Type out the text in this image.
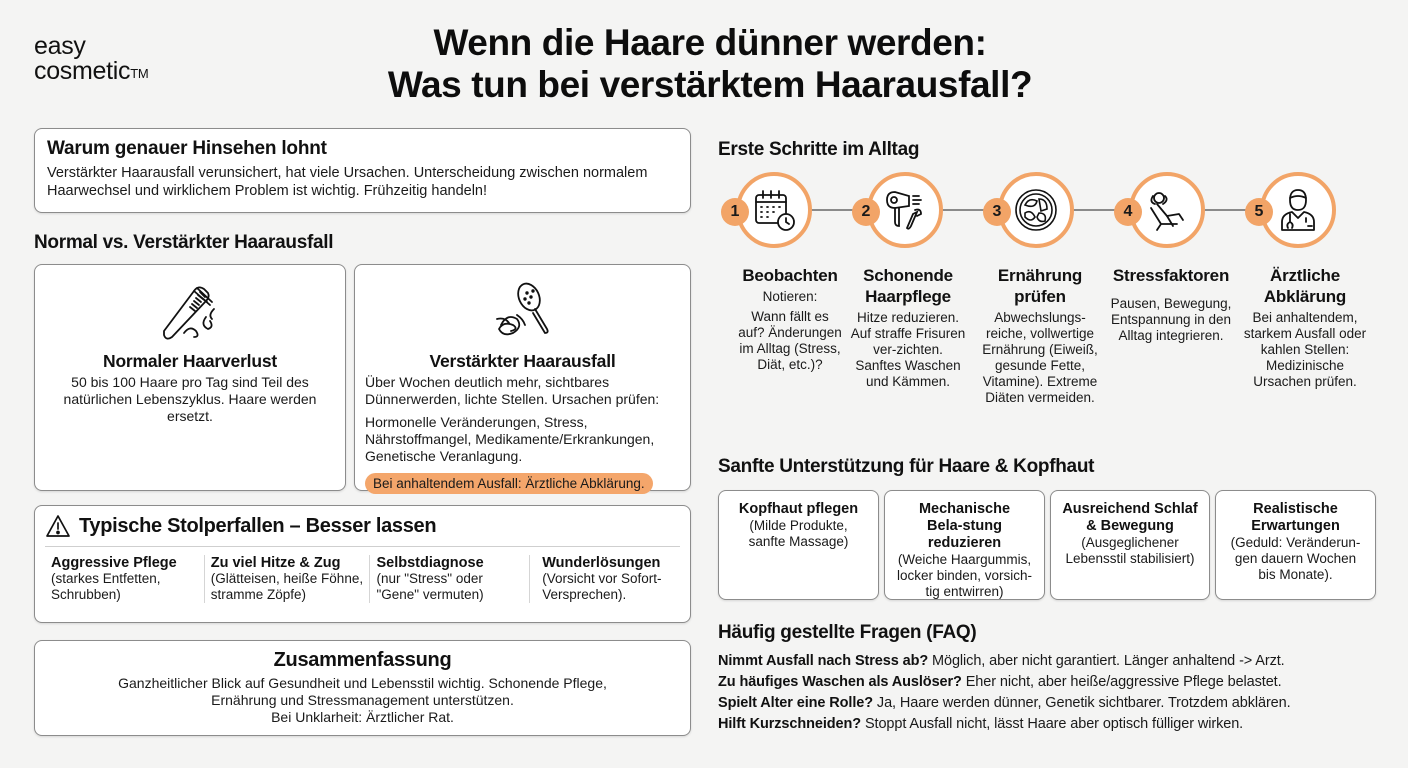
easy
cosmetic™
Wenn die Haare dünner werden:
Was tun bei verstärktem Haarausfall?
Warum genauer Hinsehen lohnt

Verstärkter Haarausfall verunsichert, hat viele Ursachen. Unterscheidung zwischen normalem Haarwechsel und wirklichem Problem ist wichtig. Frühzeitig handeln!

Normal vs. Verstärkter Haarausfall
Normaler Haarverlust

50 bis 100 Haare pro Tag sind Teil des natürlichen Lebenszyklus. Haare werden ersetzt.

Verstärkter Haarausfall

Über Wochen deutlich mehr, sichtbares Dünnerwerden, lichte Stellen. Ursachen prüfen:

Hormonelle Veränderungen, Stress, Nährstoffmangel, Medikamente/Erkrankungen, Genetische Veranlagung.

Bei anhaltendem Ausfall: Ärztliche Abklärung.
Typische Stolperfallen – Besser lassen
Aggressive Pflege
(starkes Entfetten, Schrubben)
Zu viel Hitze & Zug
(Glätteisen, heiße Föhne, stramme Zöpfe)
Selbstdiagnose
(nur "Stress" oder "Gene" vermuten)
Wunderlösungen
(Vorsicht vor Sofort-Versprechen).
Zusammenfassung

Ganzheitlicher Blick auf Gesundheit und Lebensstil wichtig. Schonende Pflege,

Ernährung und Stressmanagement unterstützen.

Bei Unklarheit: Ärztlicher Rat.

Erste Schritte im Alltag
1	2	3	4	5
Beobachten

Notieren:

Wann fällt es auf? Änderungen im Alltag (Stress, Diät, etc.)?

Schonende Haarpflege

Hitze reduzieren. Auf straffe Frisuren ver-zichten. Sanftes Waschen und Kämmen.

Ernährung prüfen

Abwechslungs-reiche, vollwertige Ernährung (Eiweiß, gesunde Fette, Vitamine). Extreme Diäten vermeiden.

Stressfaktoren

Pausen, Bewegung, Entspannung in den Alltag integrieren.

Ärztliche Abklärung

Bei anhaltendem, starkem Ausfall oder kahlen Stellen: Medizinische Ursachen prüfen.

Sanfte Unterstützung für Haare & Kopfhaut
Kopfhaut pflegen

(Milde Produkte, sanfte Massage)

Mechanische Bela-stung reduzieren

(Weiche Haargummis, locker binden, vorsich-tig entwirren)

Ausreichend Schlaf & Bewegung

(Ausgeglichener Lebensstil stabilisiert)

Realistische Erwartungen

(Geduld: Veränderun-gen dauern Wochen bis Monate).

Häufig gestellte Fragen (FAQ)
Nimmt Ausfall nach Stress ab? Möglich, aber nicht garantiert. Länger anhaltend -> Arzt.
Zu häufiges Waschen als Auslöser? Eher nicht, aber heiße/aggressive Pflege belastet.
Spielt Alter eine Rolle? Ja, Haare werden dünner, Genetik sichtbarer. Trotzdem abklären.
Hilft Kurzschneiden? Stoppt Ausfall nicht, lässt Haare aber optisch fülliger wirken.
